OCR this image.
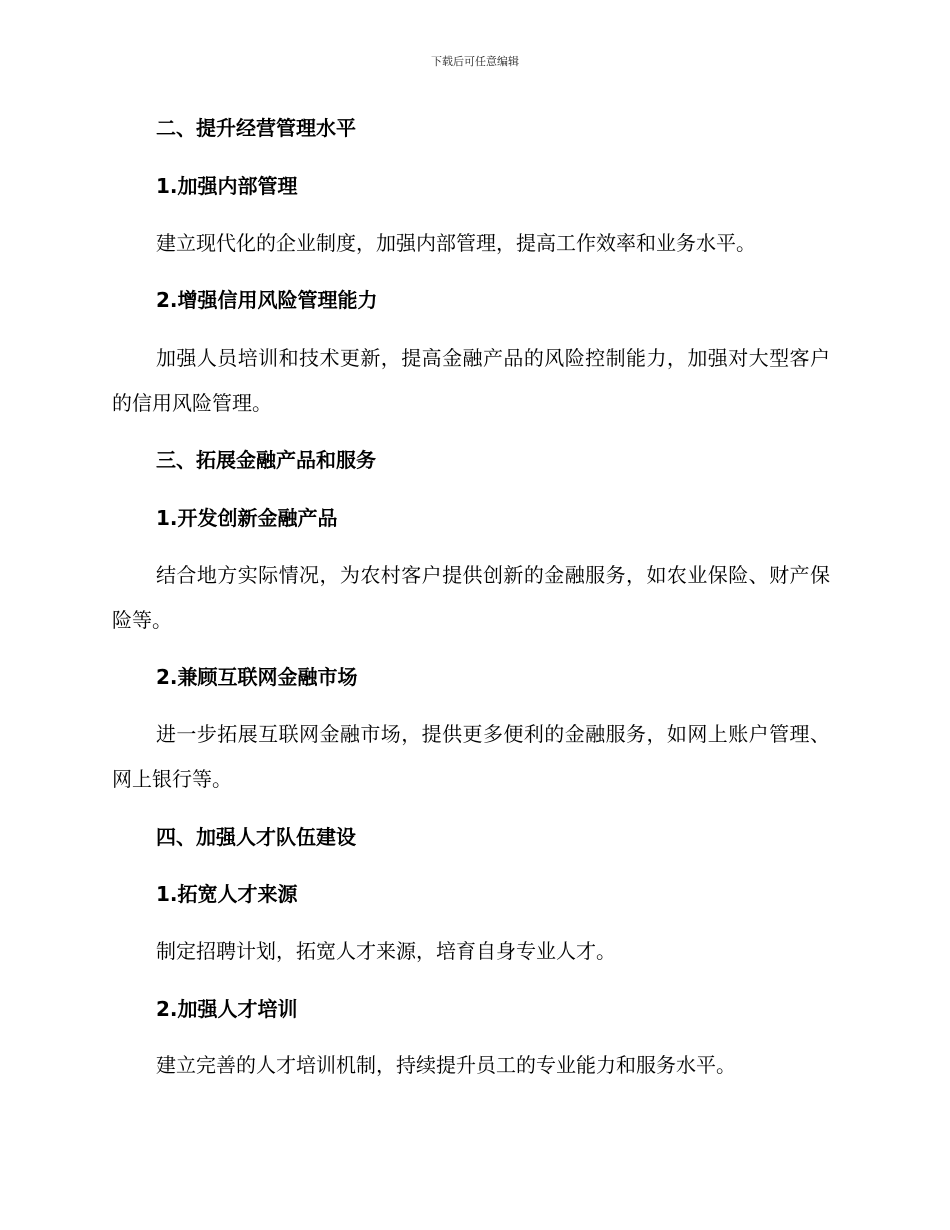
下载后可任意编辑
二、提升经营管理水平
1.加强内部管理
建立现代化的企业制度，加强内部管理，提高工作效率和业务水平。
2.增强信用风险管理能力
加强人员培训和技术更新，提高金融产品的风险控制能力，加强对大型客户的信用风险管理。
三、拓展金融产品和服务
1.开发创新金融产品
结合地方实际情况，为农村客户提供创新的金融服务，如农业保险、财产保险等。
2.兼顾互联网金融市场
进一步拓展互联网金融市场，提供更多便利的金融服务，如网上账户管理、网上银行等。
四、加强人才队伍建设
1.拓宽人才来源
制定招聘计划，拓宽人才来源，培育自身专业人才。
2.加强人才培训
建立完善的人才培训机制，持续提升员工的专业能力和服务水平。
